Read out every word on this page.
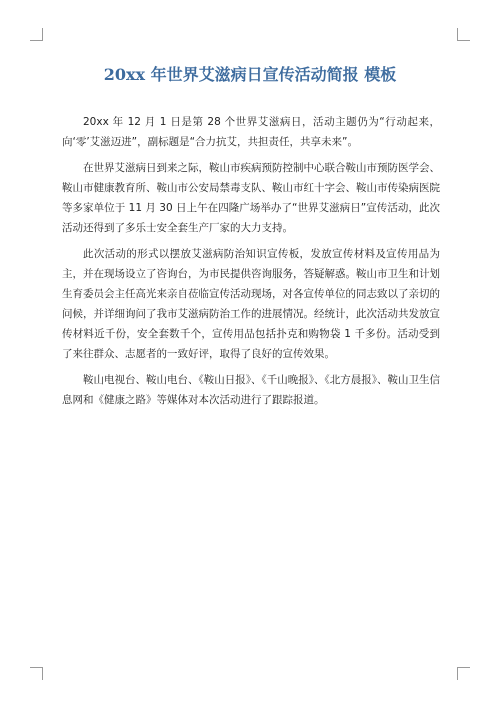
20xx 年世界艾滋病日宣传活动简报 模板

20xx 年 12 月 1 日是第 28 个世界艾滋病日，活动主题仍为“行动起来，向‘零’艾滋迈进”，副标题是“合力抗艾，共担责任，共享未来”。

在世界艾滋病日到来之际，鞍山市疾病预防控制中心联合鞍山市预防医学会、鞍山市健康教育所、鞍山市公安局禁毒支队、鞍山市红十字会、鞍山市传染病医院等多家单位于 11 月 30 日上午在四隆广场举办了“世界艾滋病日”宣传活动，此次活动还得到了多乐士安全套生产厂家的大力支持。

此次活动的形式以摆放艾滋病防治知识宣传板，发放宣传材料及宣传用品为主，并在现场设立了咨询台，为市民提供咨询服务，答疑解惑。鞍山市卫生和计划生育委员会主任高光来亲自莅临宣传活动现场，对各宣传单位的同志致以了亲切的问候，并详细询问了我市艾滋病防治工作的进展情况。经统计，此次活动共发放宣传材料近千份，安全套数千个，宣传用品包括扑克和购物袋 1 千多份。活动受到了来往群众、志愿者的一致好评，取得了良好的宣传效果。

鞍山电视台、鞍山电台、《鞍山日报》、《千山晚报》、《北方晨报》、鞍山卫生信息网和《健康之路》等媒体对本次活动进行了跟踪报道。
